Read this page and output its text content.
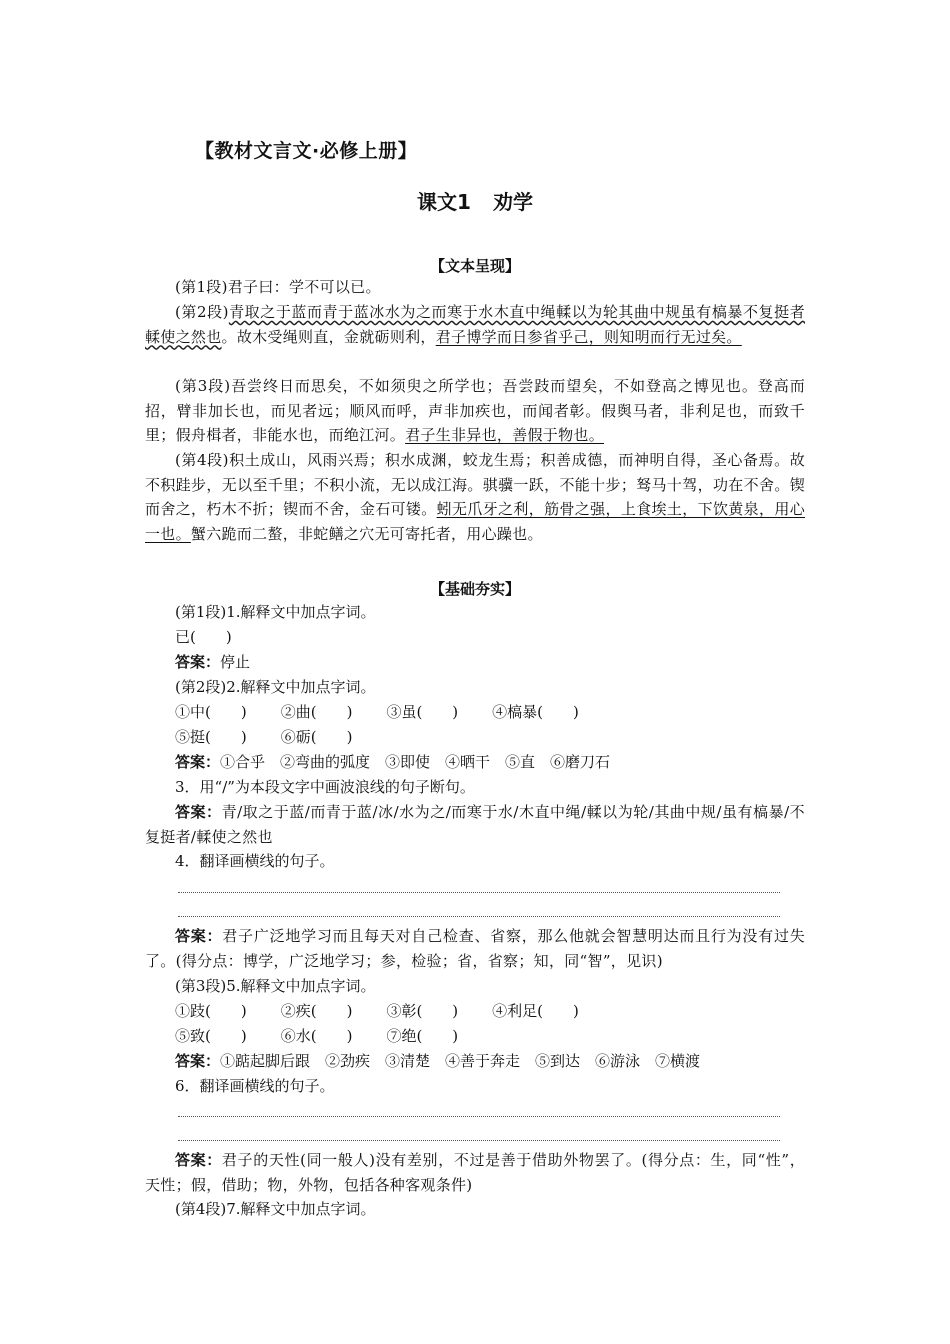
【教材文言文·必修上册】
课文1 劝学
【文本呈现】
(第1段)君子曰：学不可以已。
(第2段)青取之于蓝而青于蓝冰水为之而寒于水木直中绳輮以为轮其曲中规虽有槁暴不复挺者輮使之然也。故木受绳则直，金就砺则利，君子博学而日参省乎己，则知明而行无过矣。
(第3段)吾尝终日而思矣，不如须臾之所学也；吾尝跂而望矣，不如登高之博见也。登高而招，臂非加长也，而见者远；顺风而呼，声非加疾也，而闻者彰。假舆马者，非利足也，而致千里；假舟楫者，非能水也，而绝江河。君子生非异也，善假于物也。
(第4段)积土成山，风雨兴焉；积水成渊，蛟龙生焉；积善成德，而神明自得，圣心备焉。故不积跬步，无以至千里；不积小流，无以成江海。骐骥一跃，不能十步；驽马十驾，功在不舍。锲而舍之，朽木不折；锲而不舍，金石可镂。蚓无爪牙之利，筋骨之强，上食埃土，下饮黄泉，用心一也。蟹六跪而二螯，非蛇鳝之穴无可寄托者，用心躁也。
【基础夯实】
(第1段)1.解释文中加点字词。
已(　　)
答案：停止
(第2段)2.解释文中加点字词。
①中(　　) ②曲(　　) ③虽(　　) ④槁暴(　　)
⑤挺(　　) ⑥砺(　　)
答案：①合乎　②弯曲的弧度　③即使　④晒干　⑤直　⑥磨刀石
3．用“/”为本段文字中画波浪线的句子断句。
答案：青/取之于蓝/而青于蓝/冰/水为之/而寒于水/木直中绳/輮以为轮/其曲中规/虽有槁暴/不复挺者/輮使之然也
4．翻译画横线的句子。
答案：君子广泛地学习而且每天对自己检查、省察，那么他就会智慧明达而且行为没有过失了。(得分点：博学，广泛地学习；参，检验；省，省察；知，同“智”，见识)
(第3段)5.解释文中加点字词。
①跂(　　) ②疾(　　) ③彰(　　) ④利足(　　)
⑤致(　　) ⑥水(　　) ⑦绝(　　)
答案：①踮起脚后跟　②劲疾　③清楚　④善于奔走　⑤到达　⑥游泳　⑦横渡
6．翻译画横线的句子。
答案：君子的天性(同一般人)没有差别，不过是善于借助外物罢了。(得分点：生，同“性”，天性；假，借助；物，外物，包括各种客观条件)
(第4段)7.解释文中加点字词。
